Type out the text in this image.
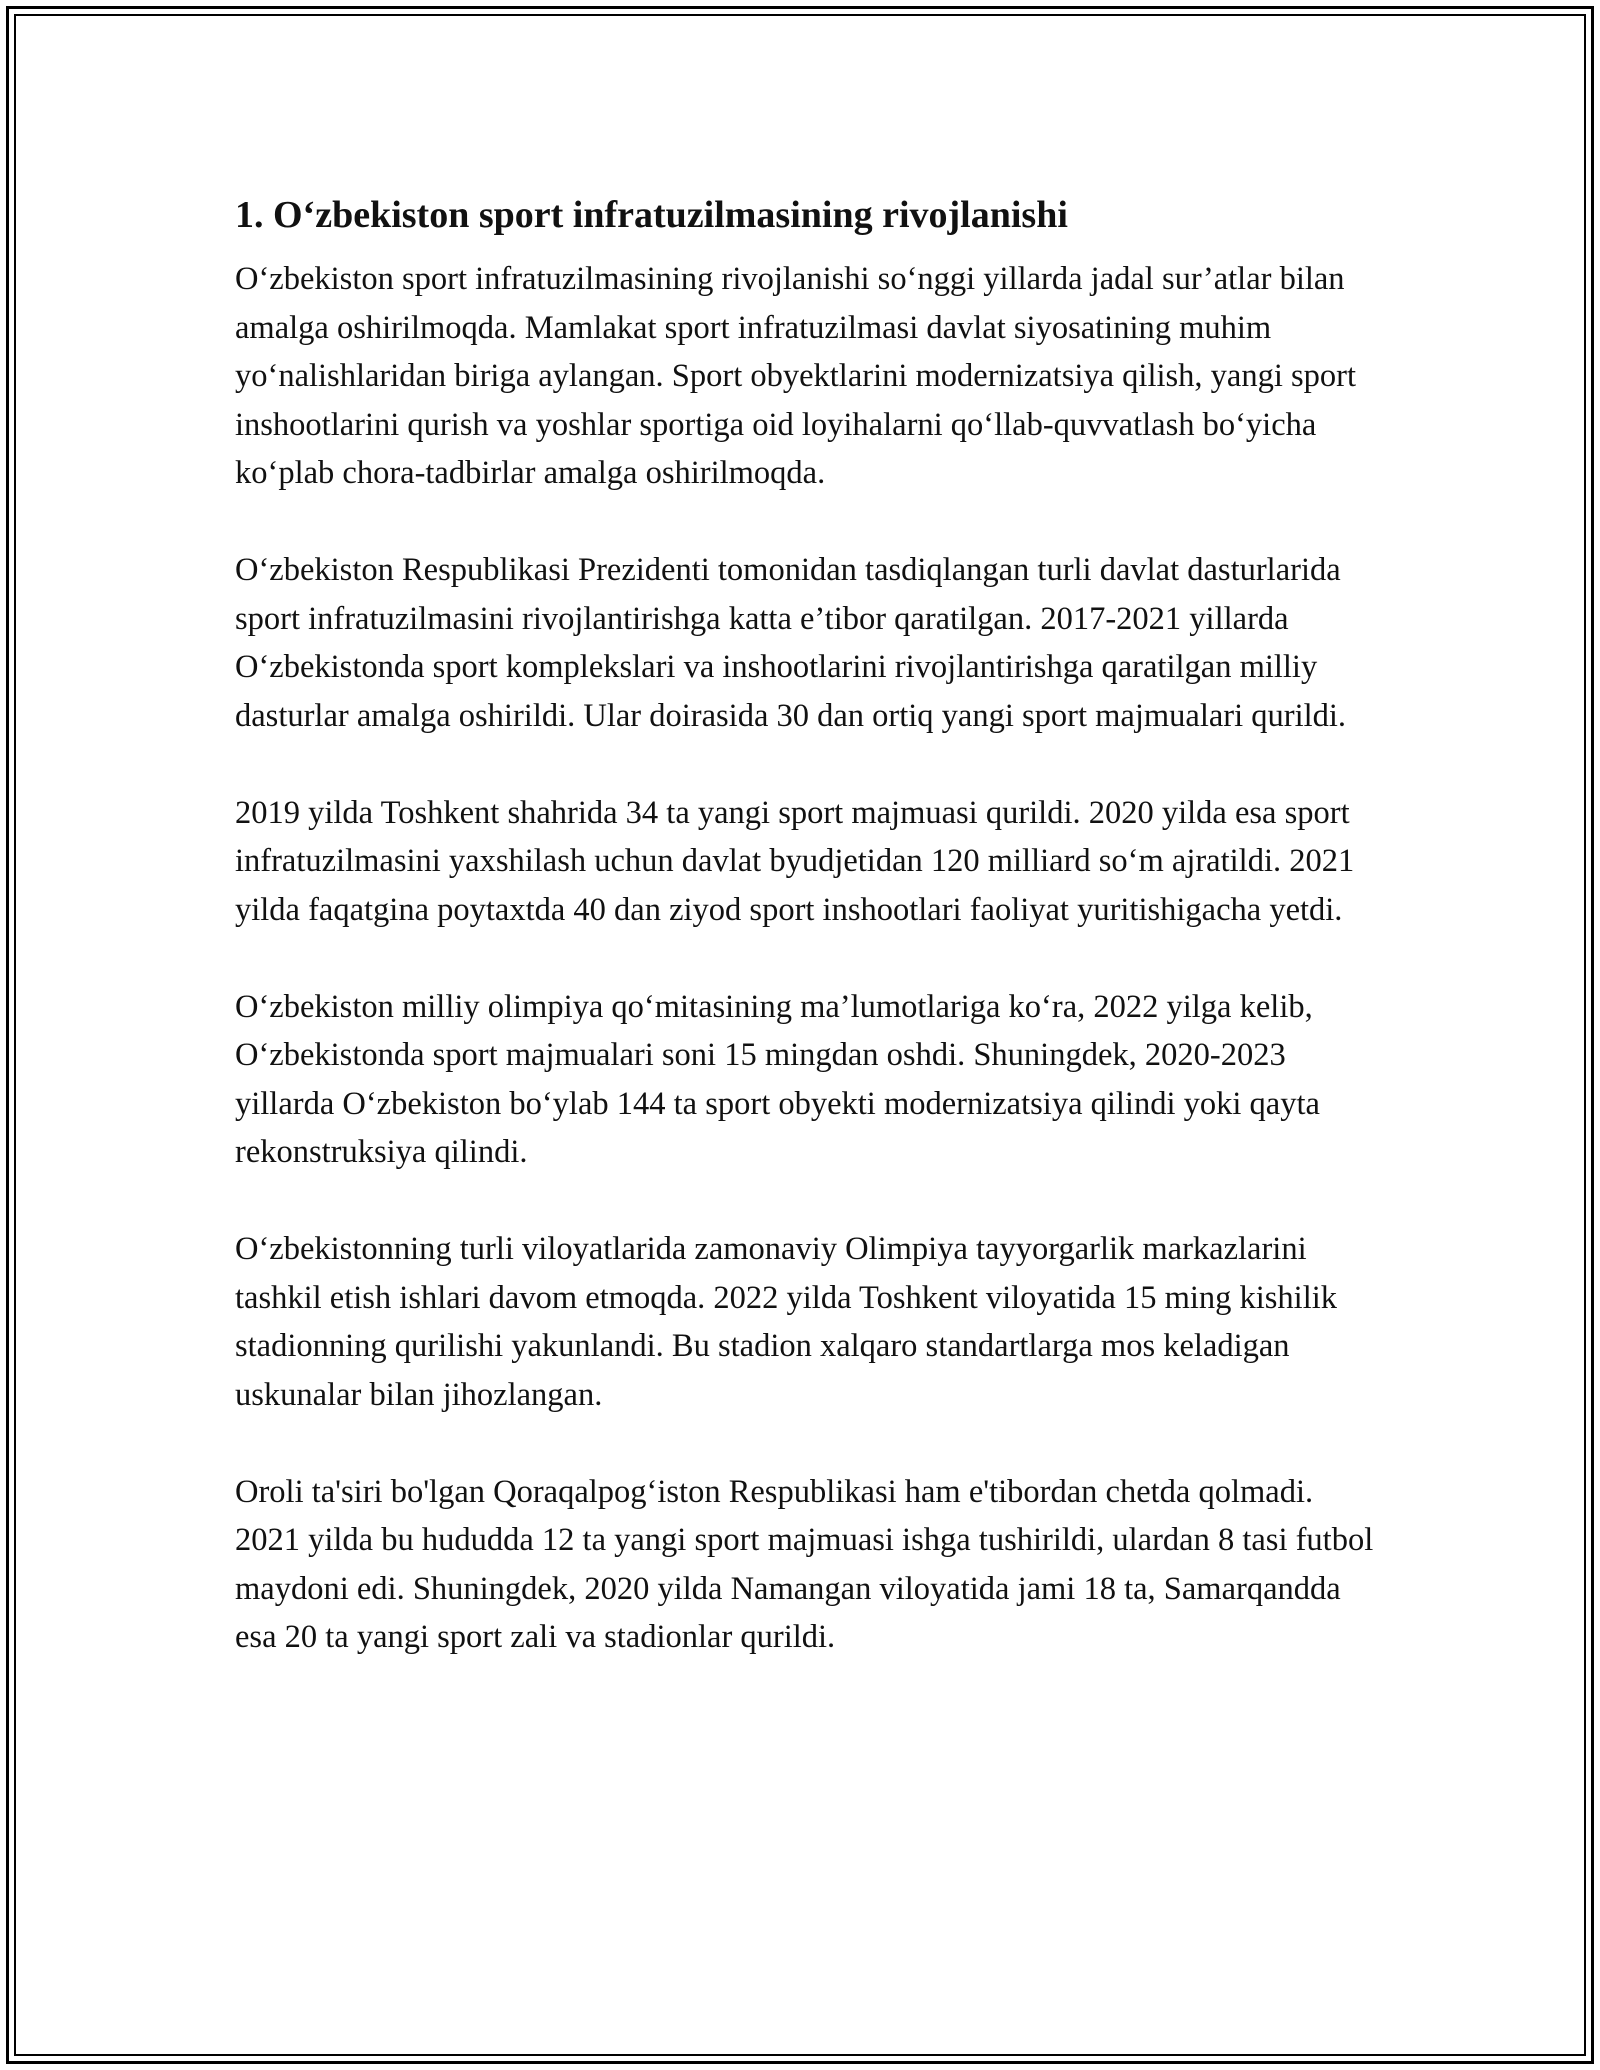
1. O‘zbekiston sport infratuzilmasining rivojlanishi

O‘zbekiston sport infratuzilmasining rivojlanishi so‘nggi yillarda jadal sur’atlar bilan amalga oshirilmoqda. Mamlakat sport infratuzilmasi davlat siyosatining muhim yo‘nalishlaridan biriga aylangan. Sport obyektlarini modernizatsiya qilish, yangi sport inshootlarini qurish va yoshlar sportiga oid loyihalarni qo‘llab-quvvatlash bo‘yicha ko‘plab chora-tadbirlar amalga oshirilmoqda.

O‘zbekiston Respublikasi Prezidenti tomonidan tasdiqlangan turli davlat dasturlarida sport infratuzilmasini rivojlantirishga katta e’tibor qaratilgan. 2017-2021 yillarda O‘zbekistonda sport komplekslari va inshootlarini rivojlantirishga qaratilgan milliy dasturlar amalga oshirildi. Ular doirasida 30 dan ortiq yangi sport majmualari qurildi.

2019 yilda Toshkent shahrida 34 ta yangi sport majmuasi qurildi. 2020 yilda esa sport infratuzilmasini yaxshilash uchun davlat byudjetidan 120 milliard so‘m ajratildi. 2021 yilda faqatgina poytaxtda 40 dan ziyod sport inshootlari faoliyat yuritishigacha yetdi.

O‘zbekiston milliy olimpiya qo‘mitasining ma’lumotlariga ko‘ra, 2022 yilga kelib, O‘zbekistonda sport majmualari soni 15 mingdan oshdi. Shuningdek, 2020-2023 yillarda O‘zbekiston bo‘ylab 144 ta sport obyekti modernizatsiya qilindi yoki qayta rekonstruksiya qilindi.

O‘zbekistonning turli viloyatlarida zamonaviy Olimpiya tayyorgarlik markazlarini tashkil etish ishlari davom etmoqda. 2022 yilda Toshkent viloyatida 15 ming kishilik stadionning qurilishi yakunlandi. Bu stadion xalqaro standartlarga mos keladigan uskunalar bilan jihozlangan.

Oroli ta'siri bo'lgan Qoraqalpog‘iston Respublikasi ham e'tibordan chetda qolmadi. 2021 yilda bu hududda 12 ta yangi sport majmuasi ishga tushirildi, ulardan 8 tasi futbol maydoni edi. Shuningdek, 2020 yilda Namangan viloyatida jami 18 ta, Samarqandda esa 20 ta yangi sport zali va stadionlar qurildi.
